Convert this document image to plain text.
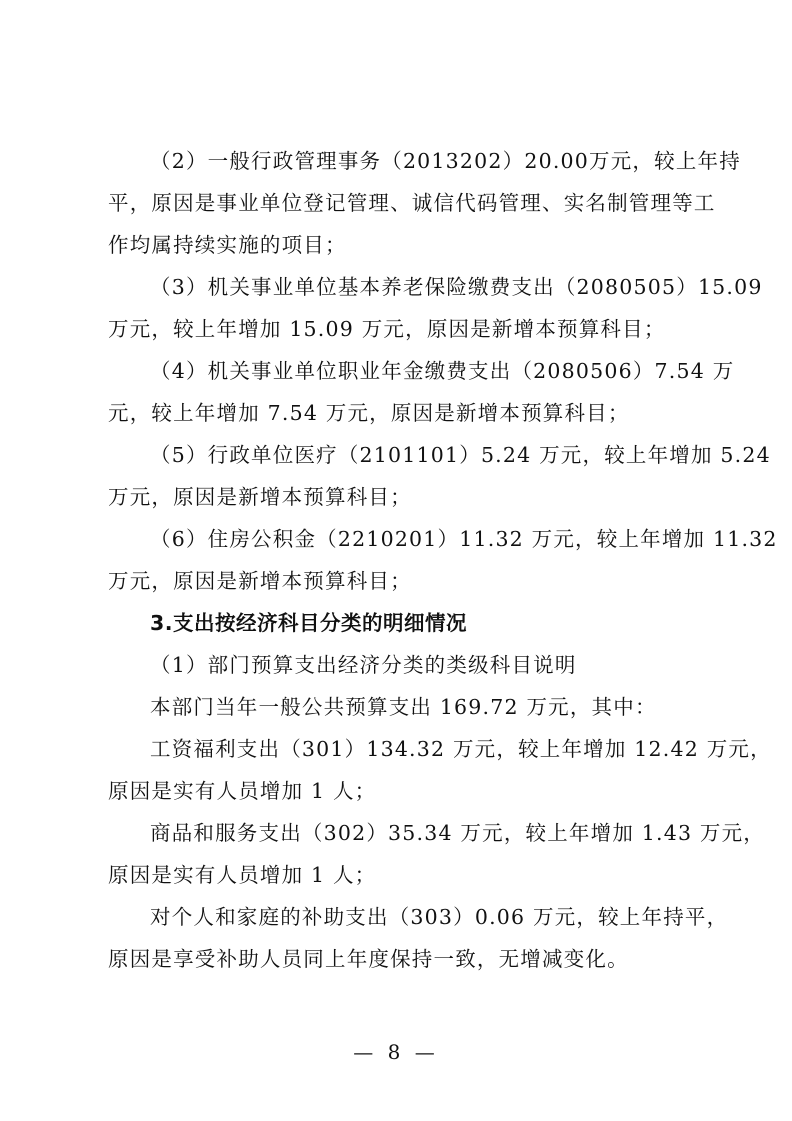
（2）一般行政管理事务（2013202）20.00万元，较上年持
平，原因是事业单位登记管理、诚信代码管理、实名制管理等工
作均属持续实施的项目；
（3）机关事业单位基本养老保险缴费支出（2080505）15.09
万元，较上年增加 15.09 万元，原因是新增本预算科目；
（4）机关事业单位职业年金缴费支出（2080506）7.54 万
元，较上年增加 7.54 万元，原因是新增本预算科目；
（5）行政单位医疗（2101101）5.24 万元，较上年增加 5.24
万元，原因是新增本预算科目；
（6）住房公积金（2210201）11.32 万元，较上年增加 11.32
万元，原因是新增本预算科目；
3.支出按经济科目分类的明细情况
（1）部门预算支出经济分类的类级科目说明
本部门当年一般公共预算支出 169.72 万元，其中：
工资福利支出（301）134.32 万元，较上年增加 12.42 万元，
原因是实有人员增加 1 人；
商品和服务支出（302）35.34 万元，较上年增加 1.43 万元，
原因是实有人员增加 1 人；
对个人和家庭的补助支出（303）0.06 万元，较上年持平，
原因是享受补助人员同上年度保持一致，无增减变化。
— 8 —
